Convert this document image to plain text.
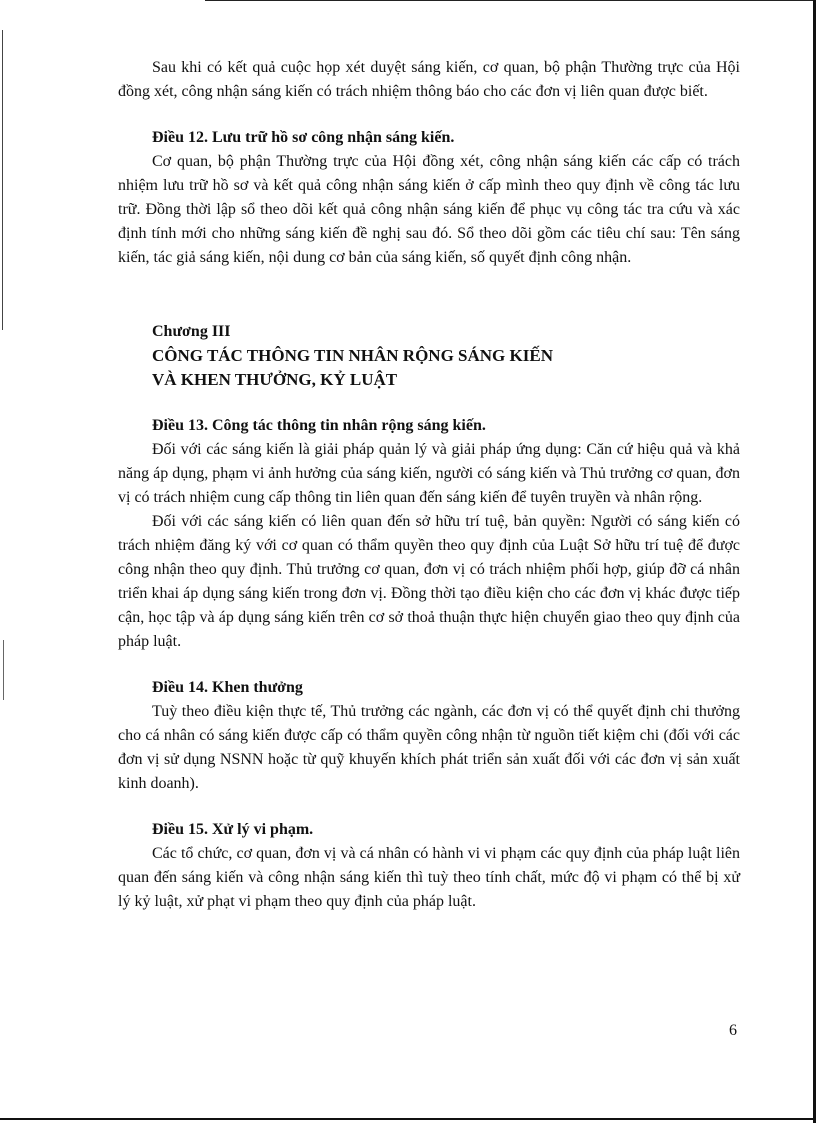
Sau khi có kết quả cuộc họp xét duyệt sáng kiến, cơ quan, bộ phận Thường trực của Hội đồng xét, công nhận sáng kiến có trách nhiệm thông báo cho các đơn vị liên quan được biết.

Điều 12. Lưu trữ hồ sơ công nhận sáng kiến.

Cơ quan, bộ phận Thường trực của Hội đồng xét, công nhận sáng kiến các cấp có trách nhiệm lưu trữ hồ sơ và kết quả công nhận sáng kiến ở cấp mình theo quy định về công tác lưu trữ. Đồng thời lập sổ theo dõi kết quả công nhận sáng kiến để phục vụ công tác tra cứu và xác định tính mới cho những sáng kiến đề nghị sau đó. Sổ theo dõi gồm các tiêu chí sau: Tên sáng kiến, tác giả sáng kiến, nội dung cơ bản của sáng kiến, số quyết định công nhận.

Chương III

CÔNG TÁC THÔNG TIN NHÂN RỘNG SÁNG KIẾN

VÀ KHEN THƯỞNG, KỶ LUẬT

Điều 13. Công tác thông tin nhân rộng sáng kiến.

Đối với các sáng kiến là giải pháp quản lý và giải pháp ứng dụng: Căn cứ hiệu quả và khả năng áp dụng, phạm vi ảnh hưởng của sáng kiến, người có sáng kiến và Thủ trưởng cơ quan, đơn vị có trách nhiệm cung cấp thông tin liên quan đến sáng kiến để tuyên truyền và nhân rộng.

Đối với các sáng kiến có liên quan đến sở hữu trí tuệ, bản quyền: Người có sáng kiến có trách nhiệm đăng ký với cơ quan có thẩm quyền theo quy định của Luật Sở hữu trí tuệ để được công nhận theo quy định. Thủ trưởng cơ quan, đơn vị có trách nhiệm phối hợp, giúp đỡ cá nhân triển khai áp dụng sáng kiến trong đơn vị. Đồng thời tạo điều kiện cho các đơn vị khác được tiếp cận, học tập và áp dụng sáng kiến trên cơ sở thoả thuận thực hiện chuyển giao theo quy định của pháp luật.

Điều 14. Khen thưởng

Tuỳ theo điều kiện thực tế, Thủ trưởng các ngành, các đơn vị có thể quyết định chi thưởng cho cá nhân có sáng kiến được cấp có thẩm quyền công nhận từ nguồn tiết kiệm chi (đối với các đơn vị sử dụng NSNN hoặc từ quỹ khuyến khích phát triển sản xuất đối với các đơn vị sản xuất kinh doanh).

Điều 15. Xử lý vi phạm.

Các tổ chức, cơ quan, đơn vị và cá nhân có hành vi vi phạm các quy định của pháp luật liên quan đến sáng kiến và công nhận sáng kiến thì tuỳ theo tính chất, mức độ vi phạm có thể bị xử lý kỷ luật, xử phạt vi phạm theo quy định của pháp luật.

6
